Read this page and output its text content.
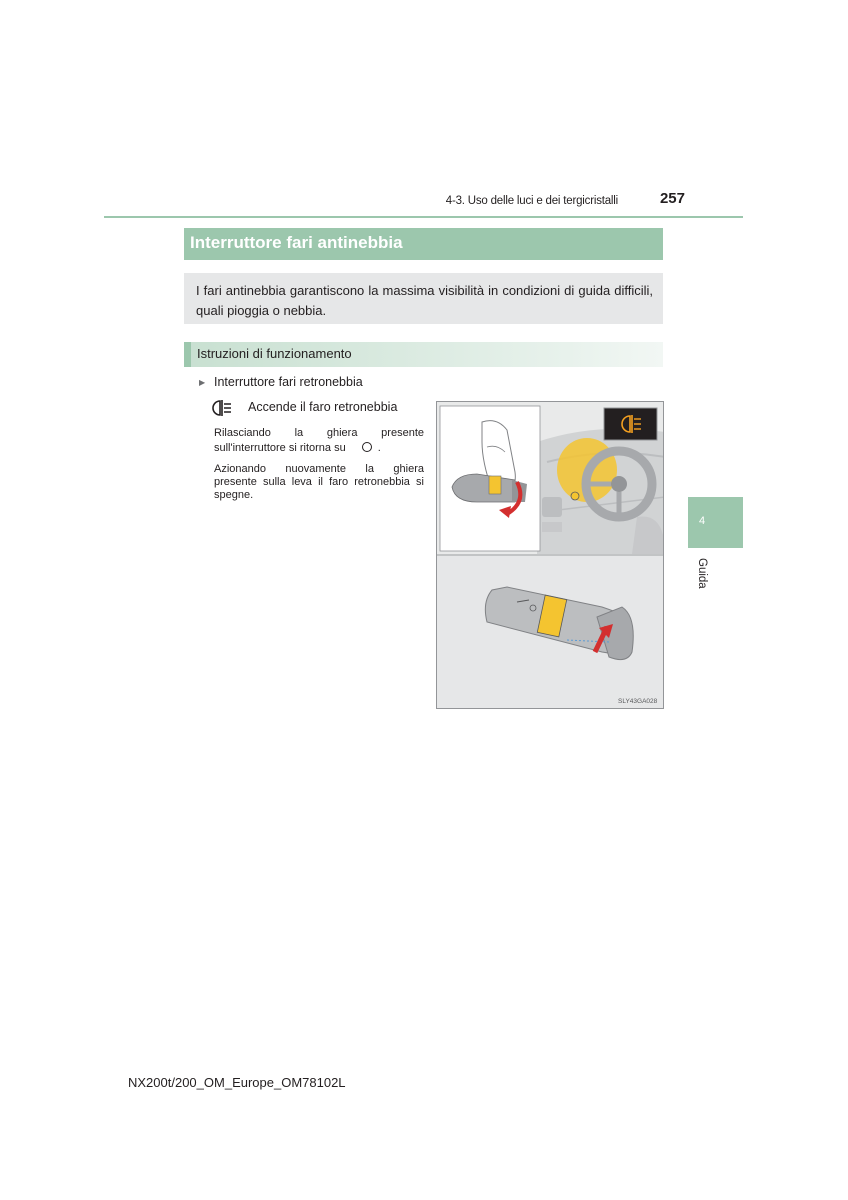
4-3. Uso delle luci e dei tergicristalli	257
Interruttore fari antinebbia
I fari antinebbia garantiscono la massima visibilità in condizioni di guida difficili, quali pioggia o nebbia.
Istruzioni di funzionamento
▶ Interruttore fari retronebbia
Accende il faro retronebbia
Rilasciando la ghiera presente
sull'interruttore si ritorna su	.
Azionando nuovamente la ghiera
presente sulla leva il faro retronebbia si
spegne.
SLY43GA028
4
Guida
NX200t/200_OM_Europe_OM78102L
